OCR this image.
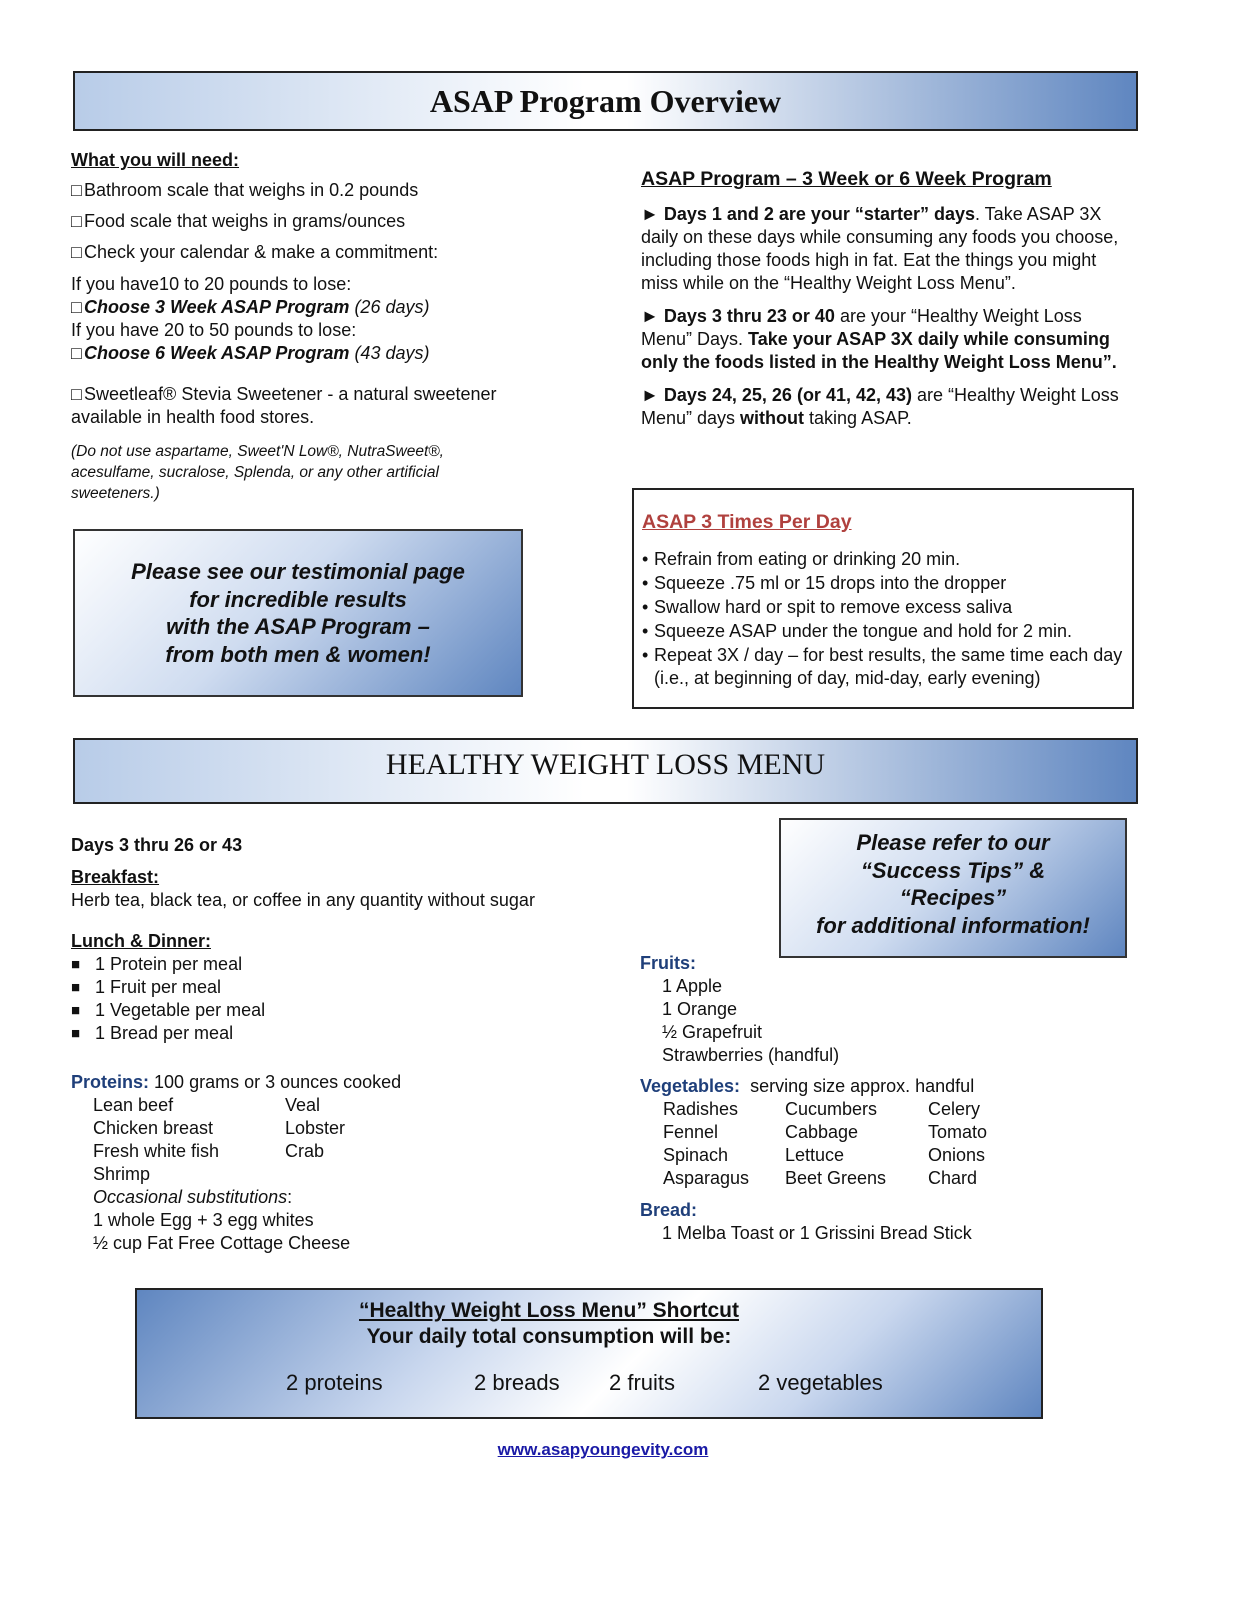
ASAP Program Overview
What you will need:
□ Bathroom scale that weighs in 0.2 pounds
□ Food scale that weighs in grams/ounces
□ Check your calendar & make a commitment:
If you have10 to 20 pounds to lose:
□ Choose 3 Week ASAP Program (26 days)
If you have 20 to 50 pounds to lose:
□ Choose 6 Week ASAP Program (43 days)
□ Sweetleaf® Stevia Sweetener - a natural sweetener available in health food stores.
(Do not use aspartame, Sweet'N Low®, NutraSweet®, acesulfame, sucralose, Splenda, or any other artificial sweeteners.)
Please see our testimonial page
for incredible results
with the ASAP Program –
from both men & women!
ASAP Program – 3 Week or 6 Week Program

► Days 1 and 2 are your “starter” days. Take ASAP 3X daily on these days while consuming any foods you choose, including those foods high in fat. Eat the things you might miss while on the “Healthy Weight Loss Menu”.

► Days 3 thru 23 or 40 are your “Healthy Weight Loss Menu” Days. Take your ASAP 3X daily while consuming only the foods listed in the Healthy Weight Loss Menu”.

► Days 24, 25, 26 (or 41, 42, 43) are “Healthy Weight Loss Menu” days without taking ASAP.

ASAP 3 Times Per Day
• Refrain from eating or drinking 20 min.
• Squeeze .75 ml or 15 drops into the dropper
• Swallow hard or spit to remove excess saliva
• Squeeze ASAP under the tongue and hold for 2 min.
• Repeat 3X / day – for best results, the same time each day (i.e., at beginning of day, mid-day, early evening)
HEALTHY WEIGHT LOSS MENU
Days 3 thru 26 or 43
Breakfast:
Herb tea, black tea, or coffee in any quantity without sugar
Lunch & Dinner:
■ 1 Protein per meal
■ 1 Fruit per meal
■ 1 Vegetable per meal
■ 1 Bread per meal
Proteins: 100 grams or 3 ounces cooked
Lean beef	Veal
Chicken breast	Lobster
Fresh white fish	Crab
Shrimp
Occasional substitutions:
1 whole Egg + 3 egg whites
½ cup Fat Free Cottage Cheese
Please refer to our
“Success Tips” &
“Recipes”
for additional information!
Fruits:
1 Apple
1 Orange
½ Grapefruit
Strawberries (handful)
Vegetables: serving size approx. handful
Radishes	Cucumbers	Celery
Fennel	Cabbage	Tomato
Spinach	Lettuce	Onions
Asparagus	Beet Greens	Chard
Bread:
1 Melba Toast or 1 Grissini Bread Stick
“Healthy Weight Loss Menu” Shortcut
Your daily total consumption will be:
2 proteins	2 breads 2 fruits	2 vegetables
www.asapyoungevity.com
